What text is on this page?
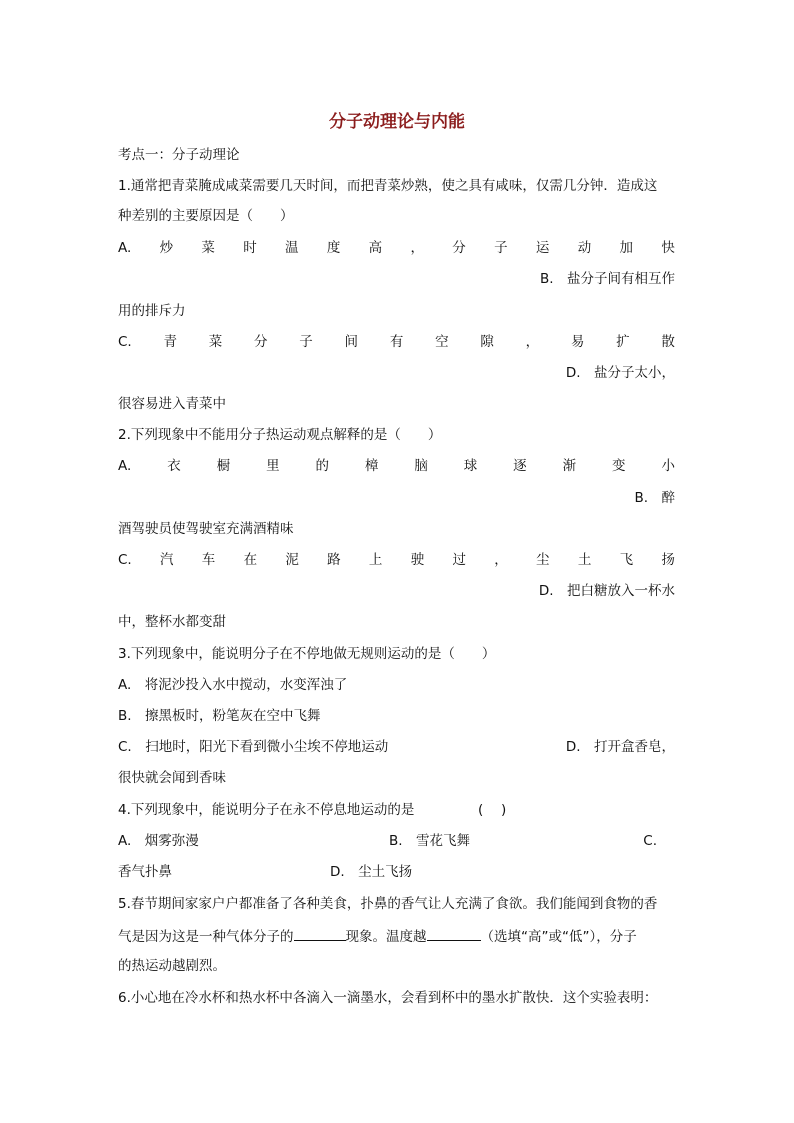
分子动理论与内能
考点一：分子动理论
1.通常把青菜腌成咸菜需要几天时间，而把青菜炒熟，使之具有咸味，仅需几分钟．造成这
种差别的主要原因是（　　）
A. 炒 菜 时 温 度 高 ， 分 子 运 动 加 快
B.　盐分子间有相互作
用的排斥力
C. 青 菜 分 子 间 有 空 隙 ， 易 扩 散
D.　盐分子太小，
很容易进入青菜中
2.下列现象中不能用分子热运动观点解释的是（　　）
A.	衣	橱	里	的	樟	脑	球	逐	渐	变	小
B.　醉
酒驾驶员使驾驶室充满酒精味
C. 汽 车 在 泥 路 上 驶 过 ， 尘 土 飞 扬
D.　把白糖放入一杯水
中，整杯水都变甜
3.下列现象中，能说明分子在不停地做无规则运动的是（　　）
A.　将泥沙投入水中搅动，水变浑浊了
B.　擦黑板时，粉笔灰在空中飞舞
C.　扫地时，阳光下看到微小尘埃不停地运动	D.　打开盒香皂，
很快就会闻到香味
4.下列现象中，能说明分子在永不停息地运动的是	(　 )
A.　烟雾弥漫	B.　雪花飞舞	C.
香气扑鼻	D.　尘土飞扬
5.春节期间家家户户都准备了各种美食，扑鼻的香气让人充满了食欲。我们能闻到食物的香
气是因为这是一种气体分子的	现象。温度越	（选填“高”或“低”），分子
的热运动越剧烈。
6.小心地在冷水杯和热水杯中各滴入一滴墨水，会看到杯中的墨水扩散快．这个实验表明：
